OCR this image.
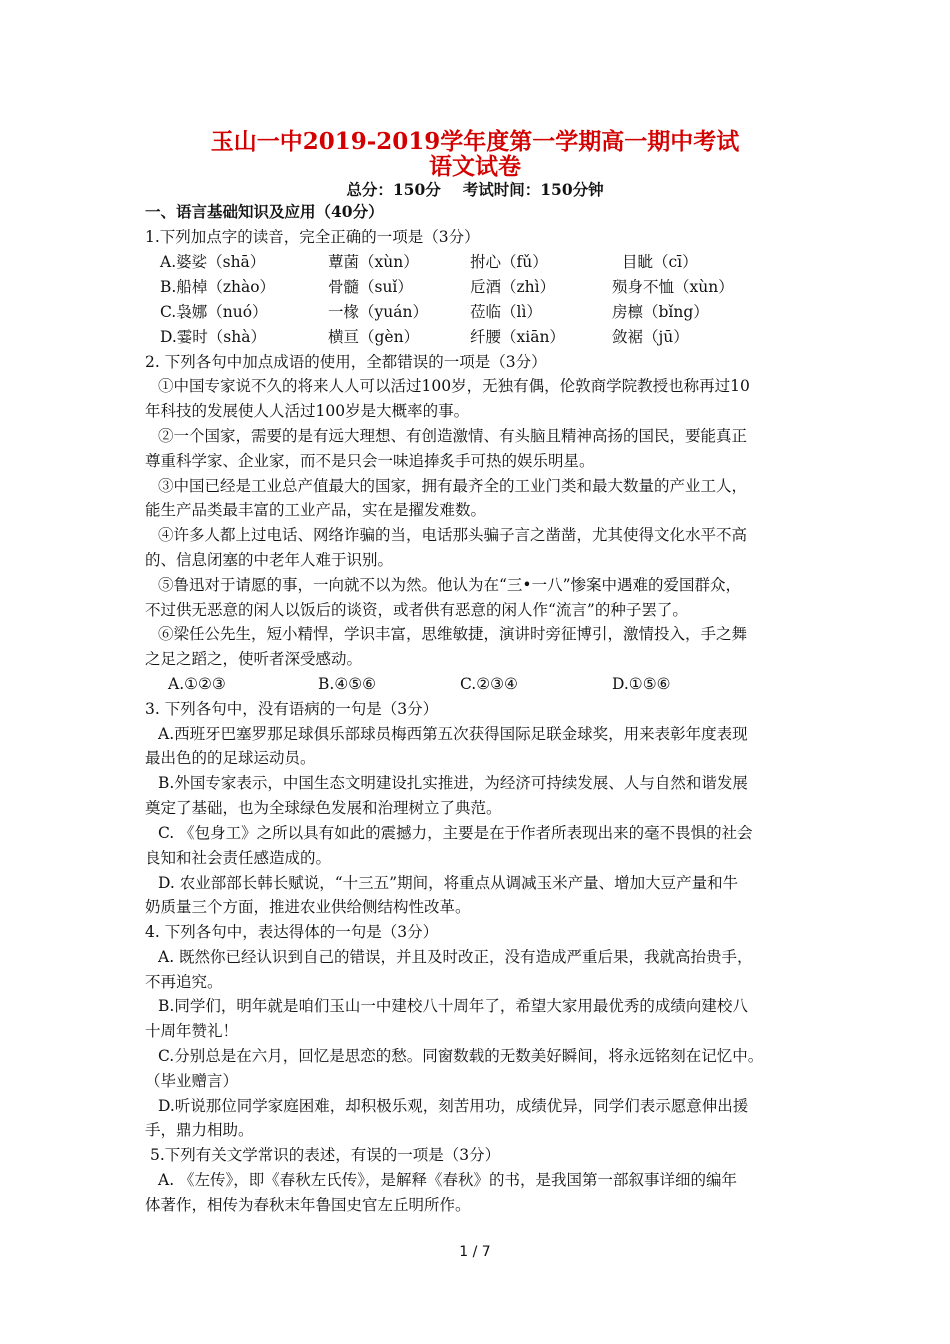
玉山一中2019-2019学年度第一学期高一期中考试
语文试卷
总分：150分 考试时间：150分钟
一、语言基础知识及应用（40分）
1.下列加点字的读音，完全正确的一项是（3分）
A.婆娑（shā）	蕈菌（xùn）	拊心（fǔ）	目眦（cī）
B.船棹（zhào）	骨髓（suǐ）	卮酒（zhì）	殒身不恤（xùn）
C.袅娜（nuó）	一椽（yuán）	莅临（lì）	房檩（bǐng）
D.霎时（shà）	横亘（gèn）	纤腰（xiān）	敛裾（jū）
2. 下列各句中加点成语的使用，全都错误的一项是（3分）
①中国专家说不久的将来人人可以活过100岁，无独有偶，伦敦商学院教授也称再过10
年科技的发展使人人活过100岁是大概率的事。
②一个国家，需要的是有远大理想、有创造激情、有头脑且精神高扬的国民，要能真正
尊重科学家、企业家，而不是只会一味追捧炙手可热的娱乐明星。
③中国已经是工业总产值最大的国家，拥有最齐全的工业门类和最大数量的产业工人，
能生产品类最丰富的工业产品，实在是擢发难数。
④许多人都上过电话、网络诈骗的当，电话那头骗子言之凿凿，尤其使得文化水平不高
的、信息闭塞的中老年人难于识别。
⑤鲁迅对于请愿的事，一向就不以为然。他认为在“三•一八”惨案中遇难的爱国群众，
不过供无恶意的闲人以饭后的谈资，或者供有恶意的闲人作“流言”的种子罢了。
⑥梁任公先生，短小精悍，学识丰富，思维敏捷，演讲时旁征博引，激情投入，手之舞
之足之蹈之，使听者深受感动。
A.①②③	B.④⑤⑥	C.②③④	D.①⑤⑥
3. 下列各句中，没有语病的一句是（3分）
A.西班牙巴塞罗那足球俱乐部球员梅西第五次获得国际足联金球奖，用来表彰年度表现
最出色的的足球运动员。
B.外国专家表示，中国生态文明建设扎实推进，为经济可持续发展、人与自然和谐发展
奠定了基础，也为全球绿色发展和治理树立了典范。
C. 《包身工》之所以具有如此的震撼力，主要是在于作者所表现出来的毫不畏惧的社会
良知和社会责任感造成的。
D. 农业部部长韩长赋说，“十三五”期间，将重点从调减玉米产量、增加大豆产量和牛
奶质量三个方面，推进农业供给侧结构性改革。
4. 下列各句中，表达得体的一句是（3分）
A. 既然你已经认识到自己的错误，并且及时改正，没有造成严重后果，我就高抬贵手，
不再追究。
B.同学们，明年就是咱们玉山一中建校八十周年了，希望大家用最优秀的成绩向建校八
十周年赞礼！
C.分别总是在六月，回忆是思恋的愁。同窗数载的无数美好瞬间，将永远铭刻在记忆中。
（毕业赠言）
D.听说那位同学家庭困难，却积极乐观，刻苦用功，成绩优异，同学们表示愿意伸出援
手，鼎力相助。
5.下列有关文学常识的表述，有误的一项是（3分）
A. 《左传》，即《春秋左氏传》，是解释《春秋》的书，是我国第一部叙事详细的编年
体著作，相传为春秋末年鲁国史官左丘明所作。
1 / 7
